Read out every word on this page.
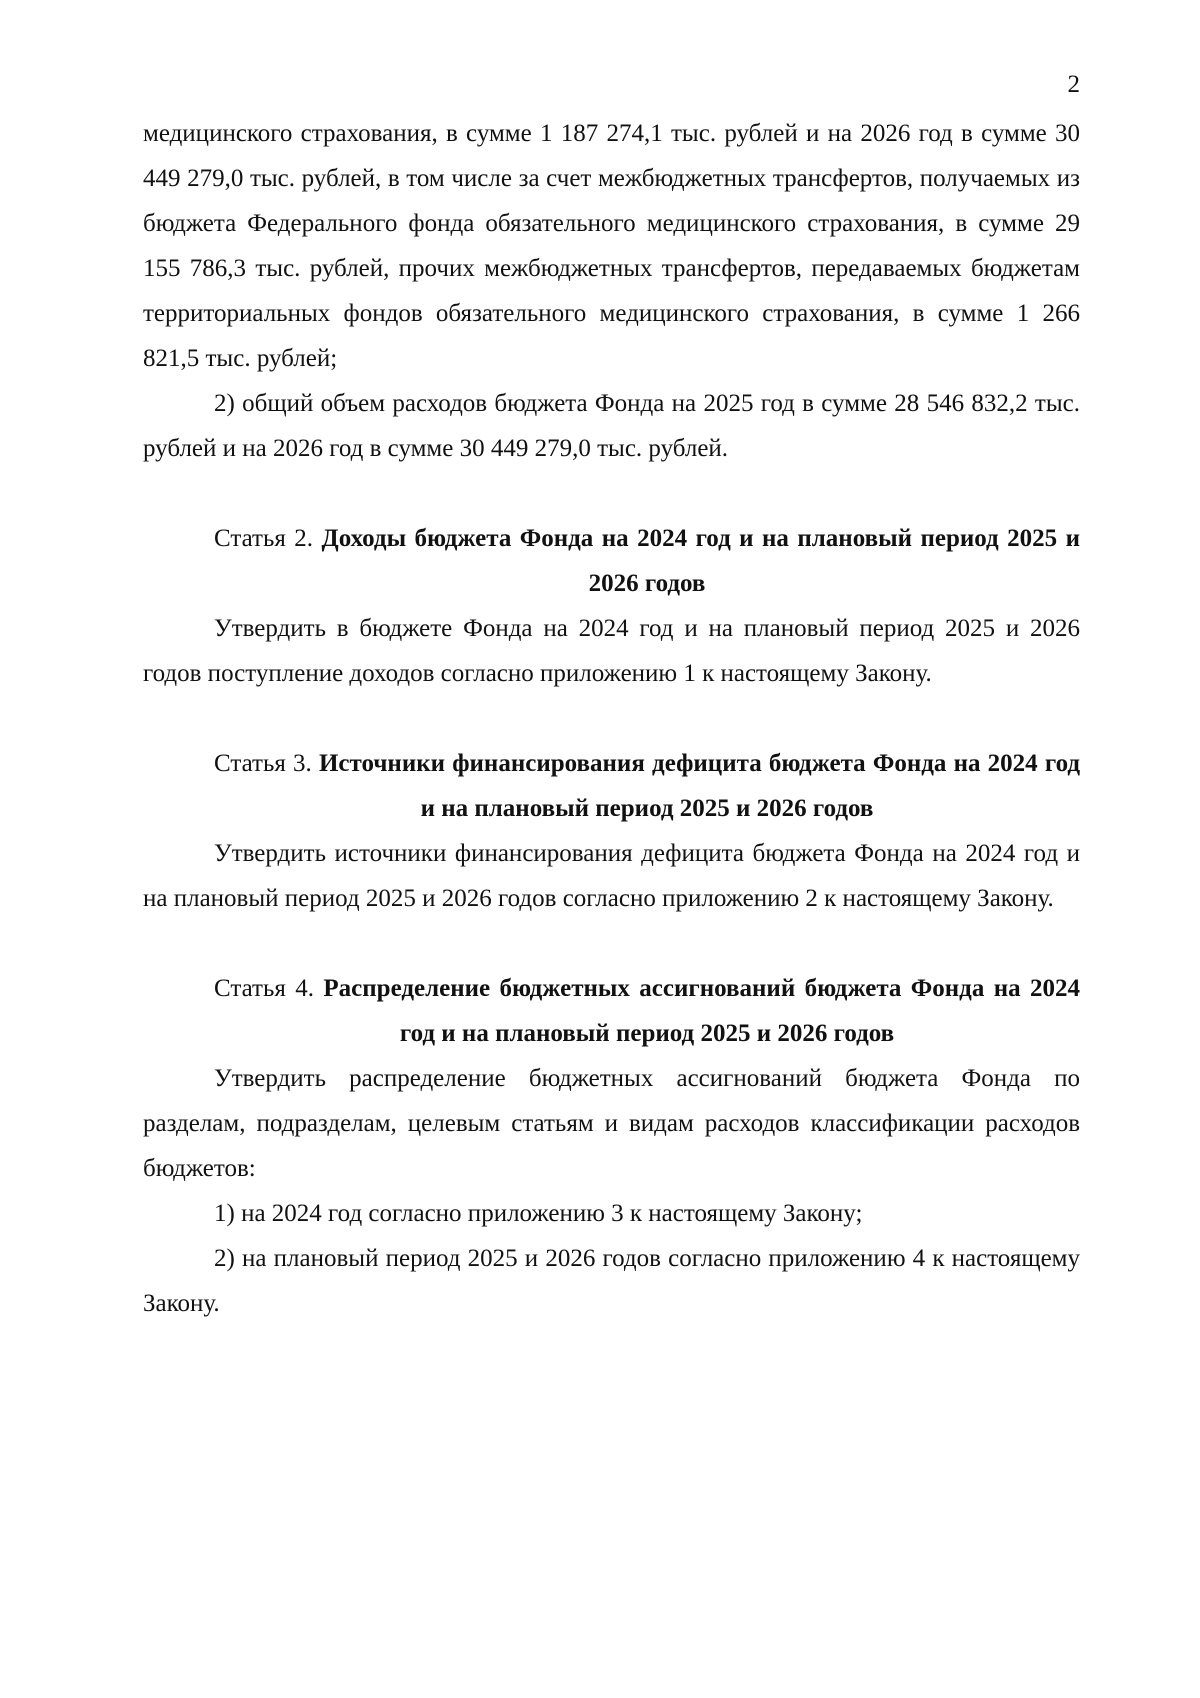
2

медицинского страхования, в сумме 1 187 274,1 тыс. рублей и на 2026 год в сумме 30 449 279,0 тыс. рублей, в том числе за счет межбюджетных трансфертов, получаемых из бюджета Федерального фонда обязательного медицинского страхования, в сумме 29 155 786,3 тыс. рублей, прочих межбюджетных трансфертов, передаваемых бюджетам территориальных фондов обязательного медицинского страхования, в сумме 1 266 821,5 тыс. рублей;

2) общий объем расходов бюджета Фонда на 2025 год в сумме 28 546 832,2 тыс. рублей и на 2026 год в сумме 30 449 279,0 тыс. рублей.

Статья 2. Доходы бюджета Фонда на 2024 год и на плановый период 2025 и 2026 годов

Утвердить в бюджете Фонда на 2024 год и на плановый период 2025 и 2026 годов поступление доходов согласно приложению 1 к настоящему Закону.

Статья 3. Источники финансирования дефицита бюджета Фонда на 2024 год и на плановый период 2025 и 2026 годов

Утвердить источники финансирования дефицита бюджета Фонда на 2024 год и на плановый период 2025 и 2026 годов согласно приложению 2 к настоящему Закону.

Статья 4. Распределение бюджетных ассигнований бюджета Фонда на 2024 год и на плановый период 2025 и 2026 годов

Утвердить распределение бюджетных ассигнований бюджета Фонда по разделам, подразделам, целевым статьям и видам расходов классификации расходов бюджетов:

1) на 2024 год согласно приложению 3 к настоящему Закону;

2) на плановый период 2025 и 2026 годов согласно приложению 4 к настоящему Закону.
